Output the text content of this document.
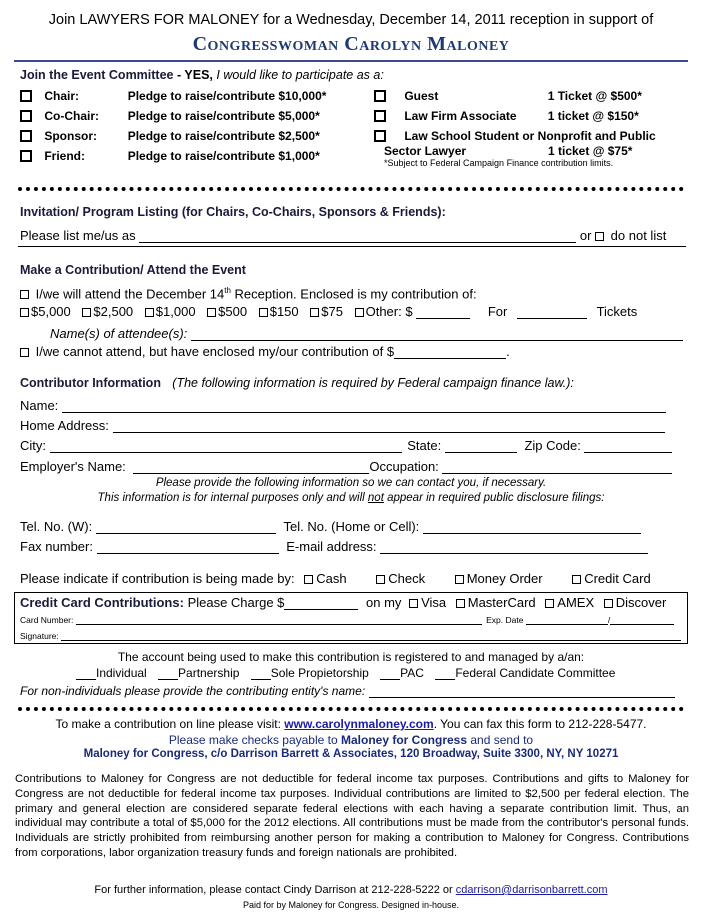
Join LAWYERS FOR MALONEY for a Wednesday, December 14, 2011 reception in support of
Congresswoman Carolyn Maloney
Join the Event Committee - YES, I would like to participate as a:
Chair:	Pledge to raise/contribute $10,000*
Co-Chair: Pledge to raise/contribute $5,000*
Sponsor:	Pledge to raise/contribute $2,500*
Friend:	Pledge to raise/contribute $1,000*
Guest	1 Ticket @ $500*
Law Firm Associate	1 ticket @ $150*
Law School Student or Nonprofit and Public
Sector Lawyer	1 ticket @ $75*
*Subject to Federal Campaign Finance contribution limits.
Invitation/ Program Listing (for Chairs, Co-Chairs, Sponsors & Friends):
Please list me/us as	or do not list
Make a Contribution/ Attend the Event
I/we will attend the December 14th Reception. Enclosed is my contribution of:
$5,000 $2,500 $1,000 $500 $150 $75 Other: $	For	Tickets
Name(s) of attendee(s):
I/we cannot attend, but have enclosed my/our contribution of $	.
Contributor Information (The following information is required by Federal campaign finance law.):
Name:
Home Address:
City:	State:	Zip Code:
Employer's Name:	Occupation:
Please provide the following information so we can contact you, if necessary.
This information is for internal purposes only and will not appear in required public disclosure filings:
Tel. No. (W):	Tel. No. (Home or Cell):
Fax number:	E-mail address:
Please indicate if contribution is being made by: Cash	Check	Money Order	Credit Card
Credit Card Contributions: Please Charge $	on my Visa MasterCard AMEX Discover
Card Number:	Exp. Date	/
Signature:
The account being used to make this contribution is registered to and managed by a/an:
Individual	Partnership	Sole Propietorship	PAC	Federal Candidate Committee
For non-individuals please provide the contributing entity's name:
To make a contribution on line please visit: www.carolynmaloney.com. You can fax this form to 212-228-5477.
Please make checks payable to Maloney for Congress and send to
Maloney for Congress, c/o Darrison Barrett & Associates, 120 Broadway, Suite 3300, NY, NY 10271
Contributions to Maloney for Congress are not deductible for federal income tax purposes. Contributions and gifts to Maloney for Congress are not deductible for federal income tax purposes. Individual contributions are limited to $2,500 per federal election. The primary and general election are considered separate federal elections with each having a separate contribution limit. Thus, an individual may contribute a total of $5,000 for the 2012 elections. All contributions must be made from the contributor's personal funds. Individuals are strictly prohibited from reimbursing another person for making a contribution to Maloney for Congress. Contributions from corporations, labor organization treasury funds and foreign nationals are prohibited.
For further information, please contact Cindy Darrison at 212-228-5222 or cdarrison@darrisonbarrett.com
Paid for by Maloney for Congress. Designed in-house.
